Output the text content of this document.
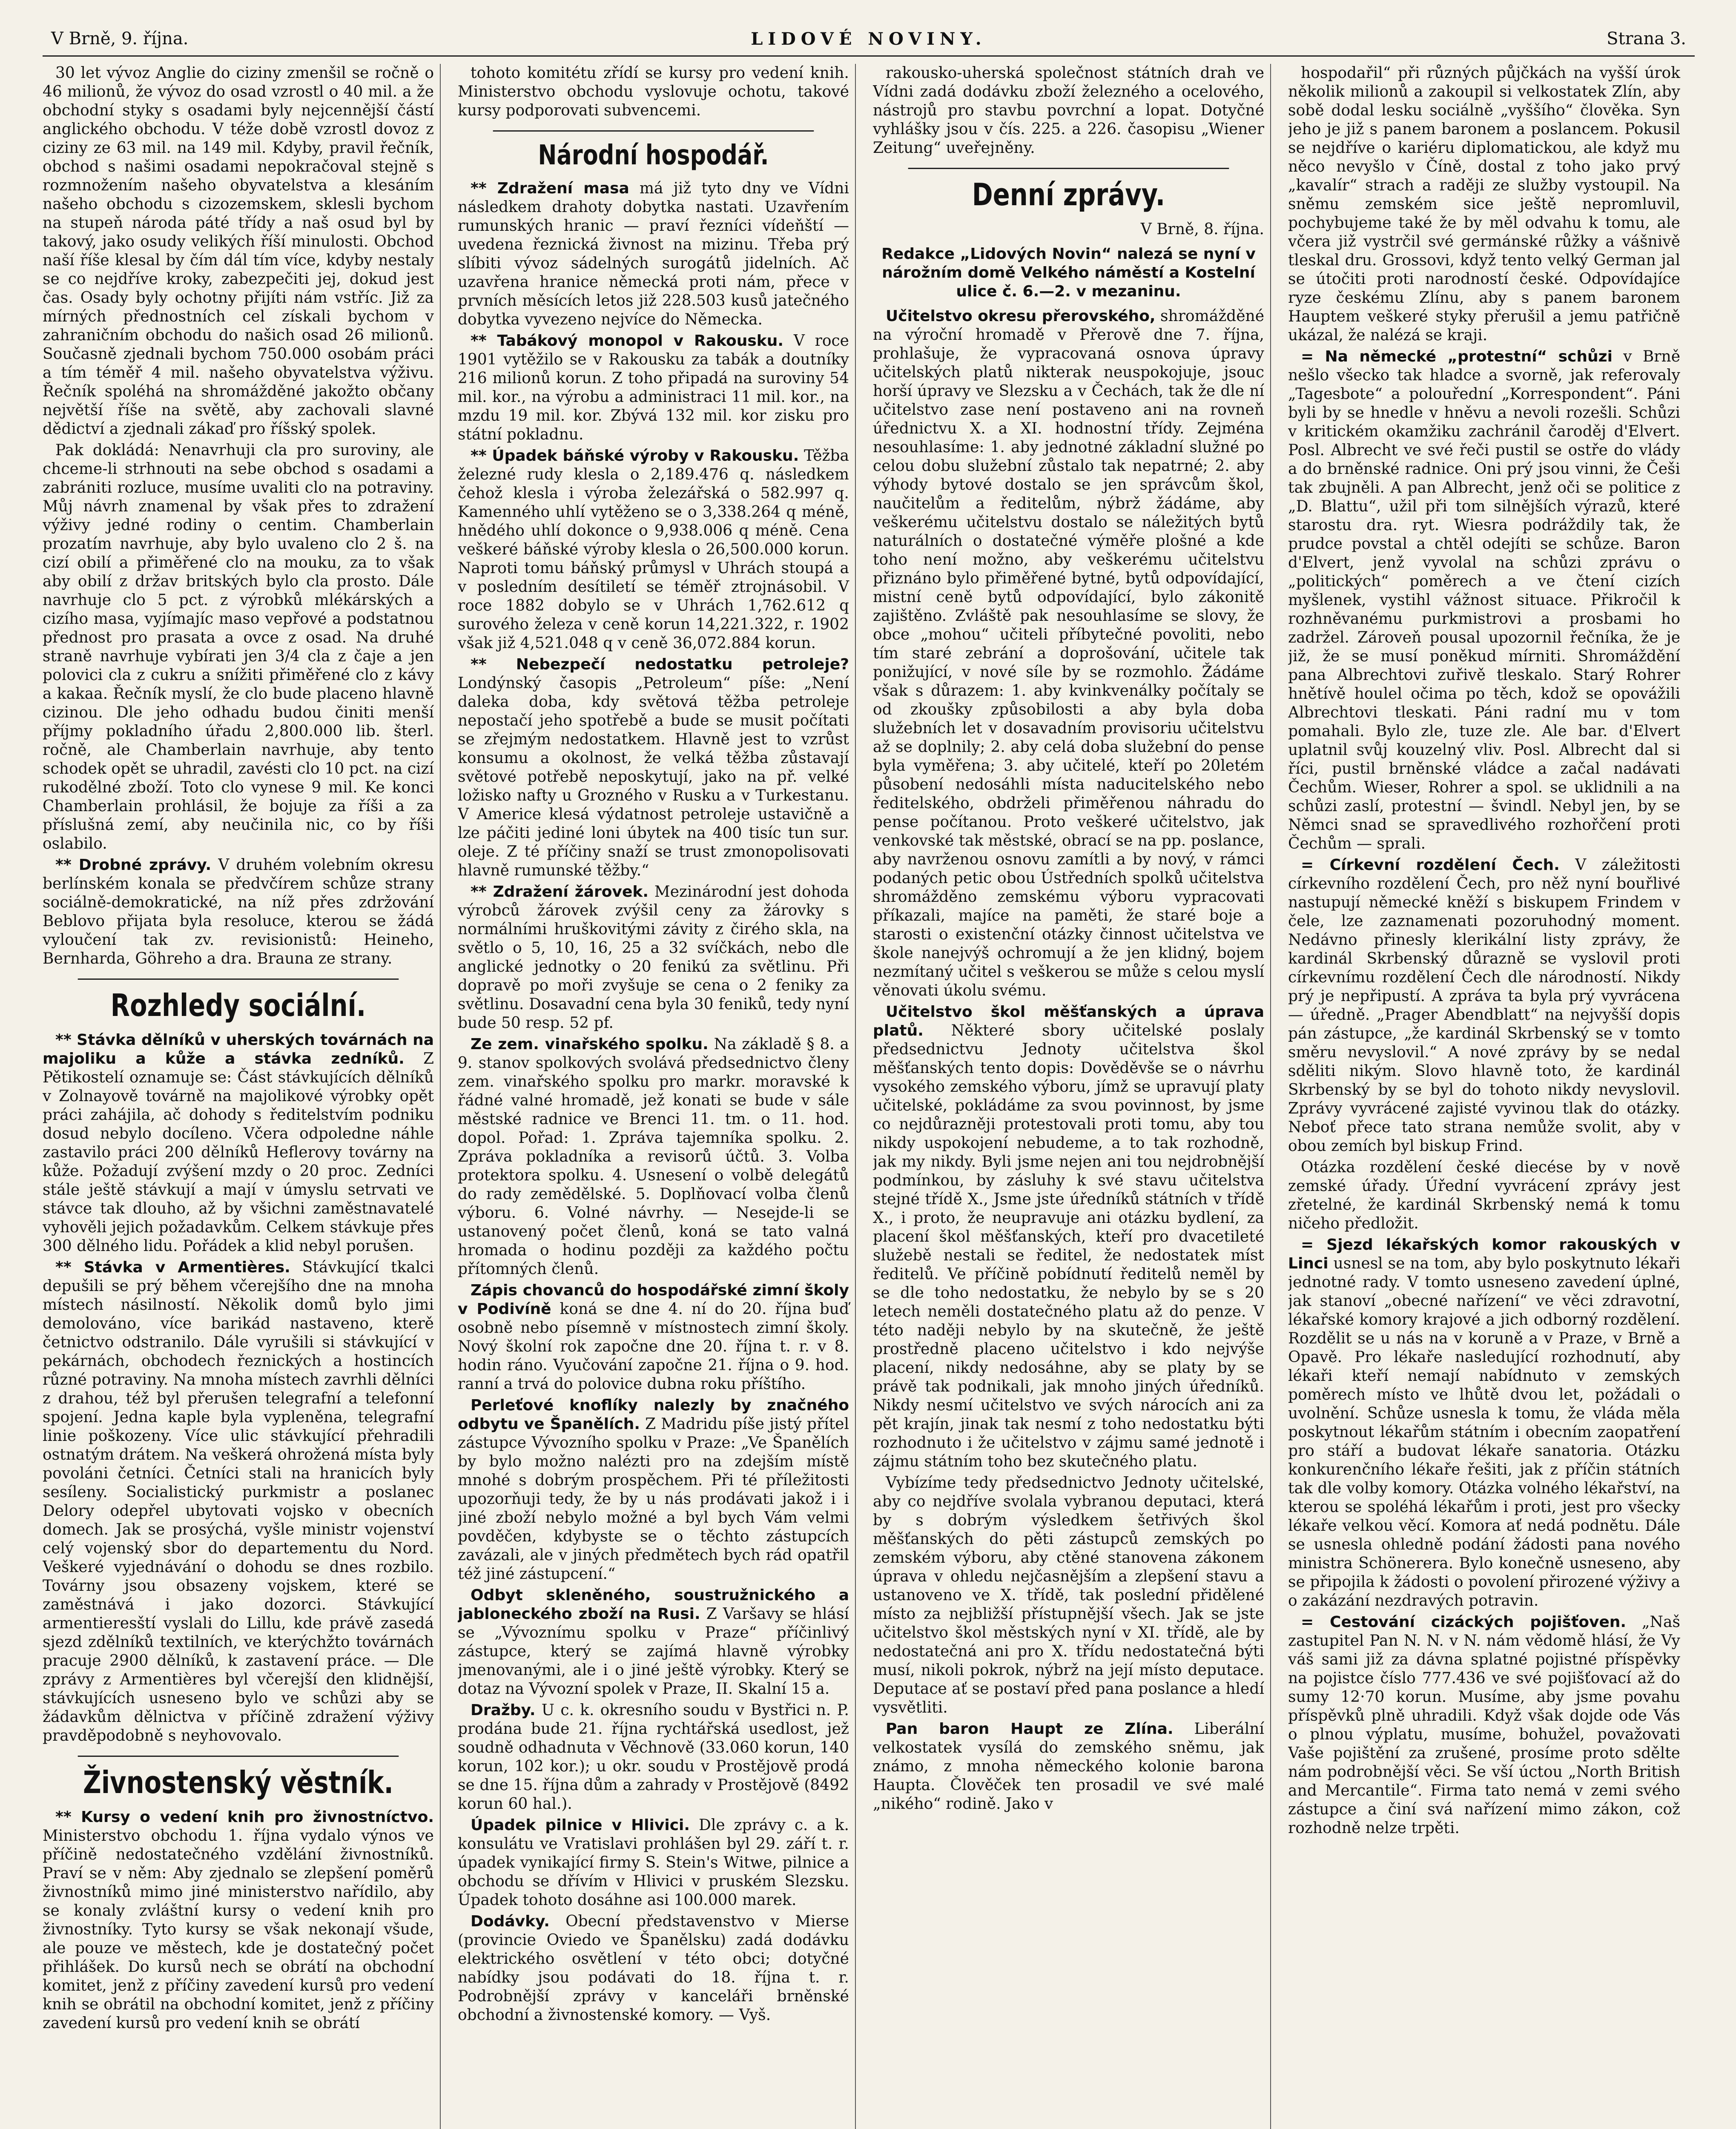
V Brně, 9. října.	LIDOVÉ NOVINY.	Strana 3.

30 let vývoz Anglie do ciziny zmenšil se ročně o 46 milionů, že vývoz do osad vzrostl o 40 mil. a že obchodní styky s osadami byly nejcennější částí anglického obchodu. V téže době vzrostl dovoz z ciziny ze 63 mil. na 149 mil. Kdyby, pravil řečník, obchod s našimi osadami nepokračoval stejně s rozmnožením našeho obyvatelstva a klesáním našeho obchodu s cizozemskem, sklesli bychom na stupeň národa páté třídy a naš osud byl by takový, jako osudy velikých říší minulosti. Obchod naší říše klesal by čím dál tím více, kdyby nestaly se co nejdříve kroky, zabezpečiti jej, dokud jest čas. Osady byly ochotny přijíti nám vstříc. Již za mírných přednostních cel získali bychom v zahraničním obchodu do našich osad 26 milionů. Současně zjednali bychom 750.000 osobám práci a tím téměř 4 mil. našeho obyvatelstva výživu. Řečník spoléhá na shromážděné jakožto občany největší říše na světě, aby zachovali slavné dědictví a zjednali zákaď pro říšský spolek.

Pak dokládá: Nenavrhuji cla pro suroviny, ale chceme-li strhnouti na sebe obchod s osadami a zabrániti rozluce, musíme uvaliti clo na potraviny. Můj návrh znamenal by však přes to zdražení výživy jedné rodiny o centim. Chamberlain prozatím navrhuje, aby bylo uvaleno clo 2 š. na cizí obilí a přiměřené clo na mouku, za to však aby obilí z držav britských bylo cla prosto. Dále navrhuje clo 5 pct. z výrobků mlékárských a cizího masa, vyjímajíc maso vepřové a podstatnou přednost pro prasata a ovce z osad. Na druhé straně navrhuje vybírati jen 3/4 cla z čaje a jen polovici cla z cukru a snížiti přiměřené clo z kávy a kakaa. Řečník myslí, že clo bude placeno hlavně cizinou. Dle jeho odhadu budou činiti menší příjmy pokladního úřadu 2,800.000 lib. šterl. ročně, ale Chamberlain navrhuje, aby tento schodek opět se uhradil, zavésti clo 10 pct. na cizí rukodělné zboží. Toto clo vynese 9 mil. Ke konci Chamberlain prohlásil, že bojuje za říši a za příslušná zemí, aby neučinila nic, co by říši oslabilo.

** Drobné zprávy. V druhém volebním okresu berlínském konala se předvčírem schůze strany sociálně-demokratické, na níž přes zdržování Beblovo přijata byla resoluce, kterou se žádá vyloučení tak zv. revisionistů: Heineho, Bernharda, Göhreho a dra. Brauna ze strany.

Rozhledy sociální.

** Stávka dělníků v uherských továrnách na majoliku a kůže a stávka zedníků. Z Pětikostelí oznamuje se: Část stávkujících dělníků v Zolnayově továrně na majolikové výrobky opět práci zahájila, ač dohody s ředitelstvím podniku dosud nebylo docíleno. Včera odpoledne náhle zastavilo práci 200 dělníků Heflerovy továrny na kůže. Požadují zvýšení mzdy o 20 proc. Zedníci stále ještě stávkují a mají v úmyslu setrvati ve stávce tak dlouho, až by všichni zaměstnavatelé vyhověli jejich požadavkům. Celkem stávkuje přes 300 dělného lidu. Pořádek a klid nebyl porušen.

** Stávka v Armentières. Stávkující tkalci depušili se prý během včerejšího dne na mnoha místech násilností. Několik domů bylo jimi demolováno, více barikád nastaveno, kterě četnictvo odstranilo. Dále vyrušili si stávkující v pekárnách, obchodech řeznických a hostincích různé potraviny. Na mnoha místech zavrhli dělníci z drahou, též byl přerušen telegrafní a telefonní spojení. Jedna kaple byla vypleněna, telegrafní linie poškozeny. Více ulic stávkující přehradili ostnatým drátem. Na veškerá ohrožená místa byly povoláni četníci. Četníci stali na hranicích byly sesíleny. Socialistický purkmistr a poslanec Delory odepřel ubytovati vojsko v obecních domech. Jak se prosýchá, vyšle ministr vojenství celý vojenský sbor do departementu du Nord. Veškeré vyjednávání o dohodu se dnes rozbilo. Továrny jsou obsazeny vojskem, které se zaměstnává i jako dozorci. Stávkující armentieresští vyslali do Lillu, kde právě zasedá sjezd zdělníků textilních, ve kterýchžto továrnách pracuje 2900 dělníků, k zastavení práce. — Dle zprávy z Armentières byl včerejší den klidnější, stávkujících usneseno bylo ve schůzi aby se žádavkům dělnictva v příčině zdražení výživy pravděpodobně s neyhovovalo.

Živnostenský věstník.

** Kursy o vedení knih pro živnostníctvo. Ministerstvo obchodu 1. října vydalo výnos ve příčině nedostatečného vzdělání živnostníků. Praví se v něm: Aby zjednalo se zlepšení poměrů živnostníků mimo jiné ministerstvo nařídilo, aby se konaly zvláštní kursy o vedení knih pro živnostníky. Tyto kursy se však nekonají všude, ale pouze ve městech, kde je dostatečný počet přihlášek. Do kursů nech se obrátí na obchodní komitet, jenž z příčiny zavedení kursů pro vedení knih se obrátil na obchodní komitet, jenž z příčiny zavedení kursů pro vedení knih se obrátí

tohoto komitétu zřídí se kursy pro vedení knih. Ministerstvo obchodu vyslovuje ochotu, takové kursy podporovati subvencemi.

Národní hospodář.

** Zdražení masa má již tyto dny ve Vídni následkem drahoty dobytka nastati. Uzavřením rumunských hranic — praví řezníci vídeňští — uvedena řeznická živnost na mizinu. Třeba prý slíbiti vývoz sádelných surogátů jidelních. Ač uzavřena hranice německá proti nám, přece v prvních měsících letos již 228.503 kusů jatečného dobytka vyvezeno nejvíce do Německa.

** Tabákový monopol v Rakousku. V roce 1901 vytěžilo se v Rakousku za tabák a doutníky 216 milionů korun. Z toho připadá na suroviny 54 mil. kor., na výrobu a administraci 11 mil. kor., na mzdu 19 mil. kor. Zbývá 132 mil. kor zisku pro státní pokladnu.

** Úpadek báňské výroby v Rakousku. Těžba železné rudy klesla o 2,189.476 q. následkem čehož klesla i výroba železářská o 582.997 q. Kamenného uhlí vytěženo se o 3,338.264 q méně, hnědého uhlí dokonce o 9,938.006 q méně. Cena veškeré báňské výroby klesla o 26,500.000 korun. Naproti tomu báňský průmysl v Uhrách stoupá a v posledním desítiletí se téměř ztrojnásobil. V roce 1882 dobylo se v Uhrách 1,762.612 q surového železa v ceně korun 14,221.322, r. 1902 však již 4,521.048 q v ceně 36,072.884 korun.

** Nebezpečí nedostatku petroleje? Londýnský časopis „Petroleum“ píše: „Není daleka doba, kdy světová těžba petroleje nepostačí jeho spotřebě a bude se musit počítati se zřejmým nedostatkem. Hlavně jest to vzrůst konsumu a okolnost, že velká těžba zůstavají světové potřebě neposkytují, jako na př. velké ložisko nafty u Grozného v Rusku a v Turkestanu. V Americe klesá výdatnost petroleje ustavičně a lze páčiti jediné loni úbytek na 400 tisíc tun sur. oleje. Z té příčiny snaží se trust zmonopolisovati hlavně rumunské těžby.“

** Zdražení žárovek. Mezinárodní jest dohoda výrobců žárovek zvýšil ceny za žárovky s normálními hruškovitými závity z čirého skla, na světlo o 5, 10, 16, 25 a 32 svíčkách, nebo dle anglické jednotky o 20 fenikú za světlinu. Při dopravě po moři zvyšuje se cena o 2 feniky za světlinu. Dosavadní cena byla 30 feniků, tedy nyní bude 50 resp. 52 pf.

Ze zem. vinařského spolku. Na základě § 8. a 9. stanov spolkových svolává předsednictvo členy zem. vinařského spolku pro markr. moravské k řádné valné hromadě, jež konati se bude v sále městské radnice ve Brenci 11. tm. o 11. hod. dopol. Pořad: 1. Zpráva tajemníka spolku. 2. Zpráva pokladníka a revisorů účtů. 3. Volba protektora spolku. 4. Usnesení o volbě delegátů do rady zemědělské. 5. Doplňovací volba členů výboru. 6. Volné návrhy. — Nesejde-li se ustanovený počet členů, koná se tato valná hromada o hodinu později za každého počtu přítomných členů.

Zápis chovanců do hospodářské zimní školy v Podivíně koná se dne 4. ní do 20. října buď osobně nebo písemně v místnostech zimní školy. Nový školní rok započne dne 20. října t. r. v 8. hodin ráno. Vyučování započne 21. října o 9. hod. ranní a trvá do polovice dubna roku příštího.

Perleťové knoflíky nalezly by značného odbytu ve Španělích. Z Madridu píše jistý přítel zástupce Vývozního spolku v Praze: „Ve Španělích by bylo možno nalézti pro na zdejším místě mnohé s dobrým prospěchem. Při té příležitosti upozorňuji tedy, že by u nás prodávati jakož i i jiné zboží nebylo možné a byl bych Vám velmi povděčen, kdybyste se o těchto zástupcích zavázali, ale v jiných předmětech bych rád opatřil též jiné zástupcení.“

Odbyt skleněného, soustružnického a jabloneckého zboží na Rusi. Z Varšavy se hlásí se „Vývoznímu spolku v Praze“ příčinlivý zástupce, který se zajímá hlavně výrobky jmenovanými, ale i o jiné ještě výrobky. Který se dotaz na Vývozní spolek v Praze, II. Skalní 15 a.

Dražby. U c. k. okresního soudu v Bystřici n. P. prodána bude 21. října rychtářská usedlost, jež soudně odhadnuta v Věchnově (33.060 korun, 140 korun, 102 kor.); u okr. soudu v Prostějově prodá se dne 15. října dům a zahrady v Prostějově (8492 korun 60 hal.).

Úpadek pilnice v Hlivici. Dle zprávy c. a k. konsulátu ve Vratislavi prohlášen byl 29. září t. r. úpadek vynikající firmy S. Stein's Witwe, pilnice a obchodu se dřívím v Hlivici v pruském Slezsku. Úpadek tohoto dosáhne asi 100.000 marek.

Dodávky. Obecní představenstvo v Mierse (provincie Oviedo ve Španělsku) zadá dodávku elektrického osvětlení v této obci; dotyčné nabídky jsou podávati do 18. října t. r. Podrobnější zprávy v kanceláři brněnské obchodní a živnostenské komory. — Vyš.

rakousko-uherská společnost státních drah ve Vídni zadá dodávku zboží železného a ocelového, nástrojů pro stavbu povrchní a lopat. Dotyčné vyhlášky jsou v čís. 225. a 226. časopisu „Wiener Zeitung“ uveřejněny.

Denní zprávy.
V Brně, 8. října.
Redakce „Lidových Novin“ nalezá se nyní v nárožním domě Velkého náměstí a Kostelní ulice č. 6.—2. v mezaninu.

Učitelstvo okresu přerovského, shromážděné na výroční hromadě v Přerově dne 7. října, prohlašuje, že vypracovaná osnova úpravy učitelských platů nikterak neuspokojuje, jsouc horší úpravy ve Slezsku a v Čechách, tak že dle ní učitelstvo zase není postaveno ani na rovneň úřednictvu X. a XI. hodnostní třídy. Zejména nesouhlasíme: 1. aby jednotné základní služné po celou dobu služební zůstalo tak nepatrné; 2. aby výhody bytové dostalo se jen správcům škol, naučitelům a ředitelům, nýbrž žádáme, aby veškerému učitelstvu dostalo se náležitých bytů naturálních o dostatečné výměře plošné a kde toho není možno, aby veškerému učitelstvu přiznáno bylo přiměřené bytné, bytů odpovídající, mistní ceně bytů odpovídající, bylo zákonitě zajištěno. Zvláště pak nesouhlasíme se slovy, že obce „mohou“ učiteli příbytečné povoliti, nebo tím staré zebrání a doprošování, učitele tak ponižující, v nové síle by se rozmohlo. Žádáme však s důrazem: 1. aby kvinkvenálky počítaly se od zkoušky způsobilosti a aby byla doba služebních let v dosavadním provisoriu učitelstvu až se doplnily; 2. aby celá doba služební do pense byla vyměřena; 3. aby učitelé, kteří po 20letém působení nedosáhli místa naducitelského nebo ředitelského, obdrželi přiměřenou náhradu do pense počítanou. Proto veškeré učitelstvo, jak venkovské tak městské, obrací se na pp. poslance, aby navrženou osnovu zamítli a by nový, v rámci podaných petic obou Ústředních spolků učitelstva shromážděno zemskému výboru vypracovati příkazali, majíce na paměti, že staré boje a starosti o existenční otázky činnost učitelstva ve škole nanejvýš ochromují a že jen klidný, bojem nezmítaný učitel s veškerou se může s celou myslí věnovati úkolu svému.

Učitelstvo škol měšťanských a úprava platů. Některé sbory učitelské poslaly předsednictvu Jednoty učitelstva škol měšťanských tento dopis: Dověděvše se o návrhu vysokého zemského výboru, jímž se upravují platy učitelské, pokládáme za svou povinnost, by jsme co nejdůrazněji protestovali proti tomu, aby tou nikdy uspokojení nebudeme, a to tak rozhodně, jak my nikdy. Byli jsme nejen ani tou nejdrobnější podmínkou, by zásluhy k své stavu učitelstva stejné třídě X., Jsme jste úředníků státních v třídě X., i proto, že neupravuje ani otázku bydlení, za placení škol měšťanských, kteří pro dvacetileté služebě nestali se ředitel, že nedostatek míst ředitelů. Ve příčině pobídnutí ředitelů neměl by se dle toho nedostatku, že nebylo by se s 20 letech neměli dostatečného platu až do penze. V této naději nebylo by na skutečně, že ještě prostředně placeno učitelstvo i kdo nejvýše placení, nikdy nedosáhne, aby se platy by se právě tak podnikali, jak mnoho jiných úředníků. Nikdy nesmí učitelstvo ve svých nárocích ani za pět krajín, jinak tak nesmí z toho nedostatku býti rozhodnuto i že učitelstvo v zájmu samé jednotě i zájmu státním toho bez skutečného platu.

Vybízíme tedy předsednictvo Jednoty učitelské, aby co nejdříve svolala vybranou deputaci, která by s dobrým výsledkem šetřivých škol měšťanských do pěti zástupců zemských po zemském výboru, aby ctěné stanovena zákonem úprava v ohledu nejčasnějším a zlepšení stavu a ustanoveno ve X. třídě, tak poslední přidělené místo za nejbližší přístupnější všech. Jak se jste učitelstvo škol městských nyní v XI. třídě, ale by nedostatečná ani pro X. třídu nedostatečná býti musí, nikoli pokrok, nýbrž na její místo deputace. Deputace ať se postaví před pana poslance a hledí vysvětliti.

Pan baron Haupt ze Zlína. Liberální velkostatek vysílá do zemského sněmu, jak známo, z mnoha německého kolonie barona Haupta. Člověček ten prosadil ve své malé „nikého“ rodině. Jako v

hospodařil“ při různých půjčkách na vyšší úrok několik milionů a zakoupil si velkostatek Zlín, aby sobě dodal lesku sociálně „vyššího“ člověka. Syn jeho je již s panem baronem a poslancem. Pokusil se nejdříve o kariéru diplomatickou, ale když mu něco nevyšlo v Číně, dostal z toho jako prvý „kavalír“ strach a raději ze služby vystoupil. Na sněmu zemském sice ještě nepromluvil, pochybujeme také že by měl odvahu k tomu, ale včera již vystrčil své germánské růžky a vášnivě tleskal dru. Grossovi, když tento velký German jal se útočiti proti narodností české. Odpovídajíce ryze českému Zlínu, aby s panem baronem Hauptem veškeré styky přerušil a jemu patřičně ukázal, že nalézá se kraji.

= Na německé „protestní“ schůzi v Brně nešlo všecko tak hladce a svorně, jak referovaly „Tagesbote“ a polouřední „Korrespondent“. Páni byli by se hnedle v hněvu a nevoli rozešli. Schůzi v kritickém okamžiku zachránil čaroděj d'Elvert. Posl. Albrecht ve své řeči pustil se ostře do vlády a do brněnské radnice. Oni prý jsou vinni, že Češi tak zbujněli. A pan Albrecht, jenž oči se politice z „D. Blattu“, užil při tom silnějších výrazů, které starostu dra. ryt. Wiesra podráždily tak, že prudce povstal a chtěl odejíti se schůze. Baron d'Elvert, jenž vyvolal na schůzi zprávu o „politických“ poměrech a ve čtení cizích myšlenek, vystihl vážnost situace. Přikročil k rozhněvanému purkmistrovi a prosbami ho zadržel. Zároveň pousal upozornil řečníka, že je již, že se musí poněkud mírniti. Shromáždění pana Albrechtovi zuřivě tleskalo. Starý Rohrer hnětívě houlel očima po těch, kdož se opovážili Albrechtovi tleskati. Páni radní mu v tom pomahali. Bylo zle, tuze zle. Ale bar. d'Elvert uplatnil svůj kouzelný vliv. Posl. Albrecht dal si říci, pustil brněnské vládce a začal nadávati Čechům. Wieser, Rohrer a spol. se uklidnili a na schůzi zaslí, protestní — švindl. Nebyl jen, by se Němci snad se spravedlivého rozhořčení proti Čechům — sprali.

= Církevní rozdělení Čech. V záležitosti církevního rozdělení Čech, pro něž nyní bouřlivé nastupují německé kněží s biskupem Frindem v čele, lze zaznamenati pozoruhodný moment. Nedávno přinesly klerikální listy zprávy, že kardinál Skrbenský důrazně se vyslovil proti církevnímu rozdělení Čech dle národností. Nikdy prý je nepřipustí. A zpráva ta byla prý vyvrácena — úředně. „Prager Abendblatt“ na nejvyšší dopis pán zástupce, „že kardinál Skrbenský se v tomto směru nevyslovil.“ A nové zprávy by se nedal sděliti nikým. Slovo hlavně toto, že kardinál Skrbenský by se byl do tohoto nikdy nevyslovil. Zprávy vyvrácené zajisté vyvinou tlak do otázky. Neboť přece tato strana nemůže svolit, aby v obou zemích byl biskup Frind.

Otázka rozdělení české diecése by v nově zemské úřady. Úřední vyvrácení zprávy jest zřetelné, že kardinál Skrbenský nemá k tomu ničeho předložit.

= Sjezd lékařských komor rakouských v Linci usnesl se na tom, aby bylo poskytnuto lékaři jednotné rady. V tomto usneseno zavedení úplné, jak stanoví „obecné nařízení“ ve věci zdravotní, lékařské komory krajové a jich odborný rozdělení. Rozdělit se u nás na v koruně a v Praze, v Brně a Opavě. Pro lékaře nasledující rozhodnutí, aby lékaři kteří nemají nabídnuto v zemských poměrech místo ve lhůtě dvou let, požádali o uvolnění. Schůze usnesla k tomu, že vláda měla poskytnout lékařům státním i obecním zaopatření pro stáří a budovat lékaře sanatoria. Otázku konkurenčního lékaře řešiti, jak z příčin státních tak dle volby komory. Otázka volného lékařství, na kterou se spoléhá lékařům i proti, jest pro všecky lékaře velkou věcí. Komora ať nedá podnětu. Dále se usnesla ohledně podání žádosti pana nového ministra Schönerera. Bylo konečně usneseno, aby se připojila k žádosti o povolení přirozené výživy a o zakázání nezdravých potravin.

= Cestování cizáckých pojišťoven. „Naš zastupitel Pan N. N. v N. nám vědomě hlásí, že Vy váš sami již za dávna splatné pojistné příspěvky na pojistce číslo 777.436 ve své pojišťovací až do sumy 12·70 korun. Musíme, aby jsme povahu příspěvků plně uhradili. Když však dojde ode Vás o plnou výplatu, musíme, bohužel, považovati Vaše pojištění za zrušené, prosíme proto sdělte nám podrobnější věci. Se vší úctou „North British and Mercantile“. Firma tato nemá v zemi svého zástupce a činí svá nařízení mimo zákon, což rozhodně nelze trpěti.
